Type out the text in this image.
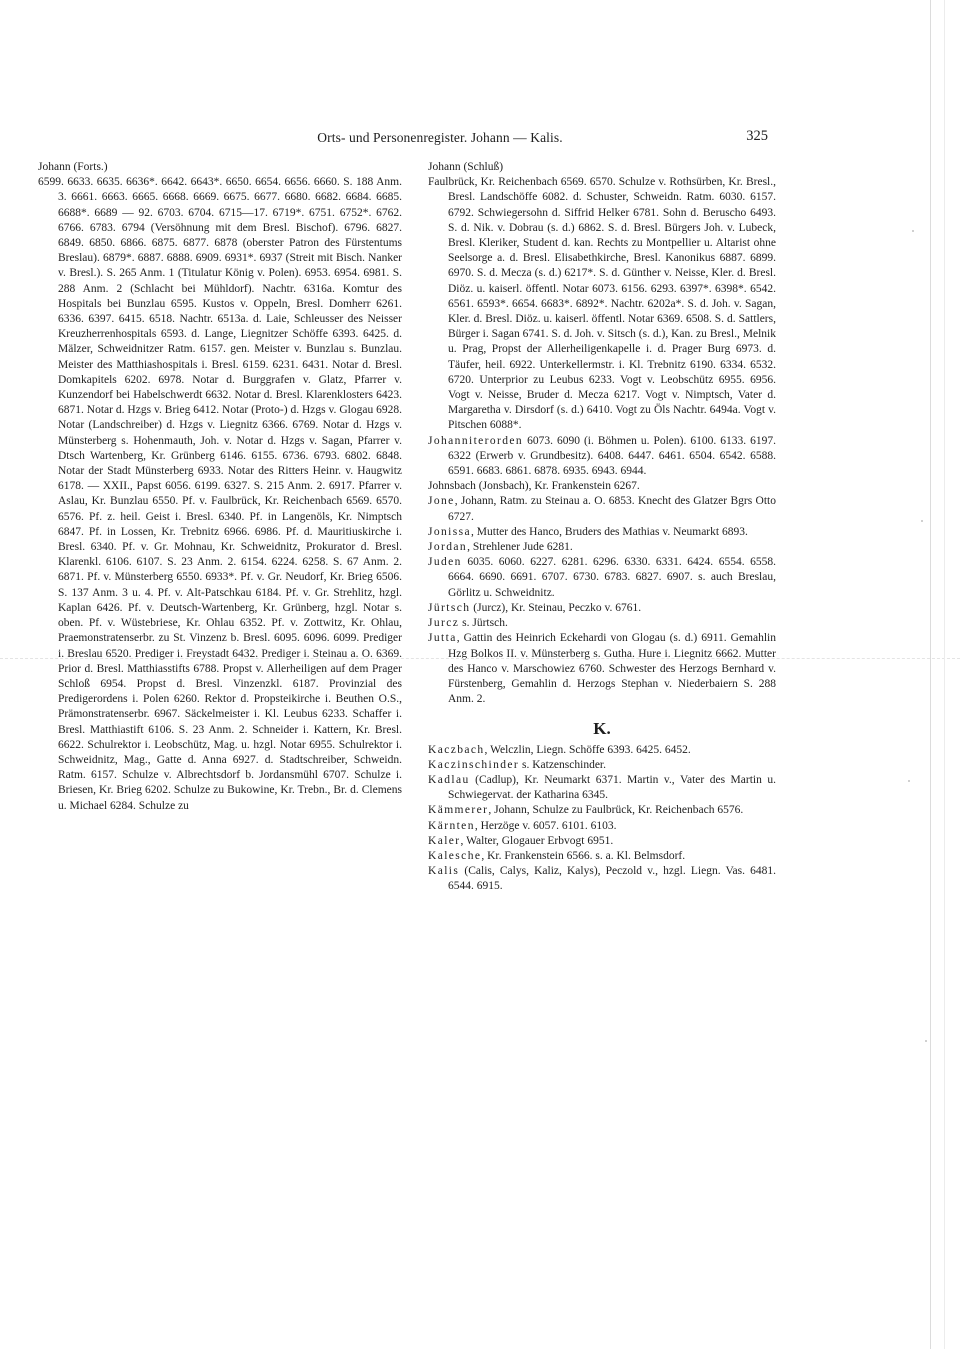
Orts- und Personenregister. Johann — Kalis.	325

Johann (Forts.)

6599. 6633. 6635. 6636*. 6642. 6643*. 6650. 6654. 6656. 6660. S. 188 Anm. 3. 6661. 6663. 6665. 6668. 6669. 6675. 6677. 6680. 6682. 6684. 6685. 6688*. 6689 — 92. 6703. 6704. 6715—17. 6719*. 6751. 6752*. 6762. 6766. 6783. 6794 (Versöhnung mit dem Bresl. Bischof). 6796. 6827. 6849. 6850. 6866. 6875. 6877. 6878 (oberster Patron des Fürstentums Breslau). 6879*. 6887. 6888. 6909. 6931*. 6937 (Streit mit Bisch. Nanker v. Bresl.). S. 265 Anm. 1 (Titulatur König v. Polen). 6953. 6954. 6981. S. 288 Anm. 2 (Schlacht bei Mühldorf). Nachtr. 6316a. Komtur des Hospitals bei Bunzlau 6595. Kustos v. Oppeln, Bresl. Domherr 6261. 6336. 6397. 6415. 6518. Nachtr. 6513a. d. Laie, Schleusser des Neisser Kreuzherrenhospitals 6593. d. Lange, Liegnitzer Schöffe 6393. 6425. d. Mälzer, Schweidnitzer Ratm. 6157. gen. Meister v. Bunzlau s. Bunzlau. Meister des Matthiashospitals i. Bresl. 6159. 6231. 6431. Notar d. Bresl. Domkapitels 6202. 6978. Notar d. Burggrafen v. Glatz, Pfarrer v. Kunzendorf bei Habelschwerdt 6632. Notar d. Bresl. Klarenklosters 6423. 6871. Notar d. Hzgs v. Brieg 6412. Notar (Proto-) d. Hzgs v. Glogau 6928. Notar (Landschreiber) d. Hzgs v. Liegnitz 6366. 6769. Notar d. Hzgs v. Münsterberg s. Hohenmauth, Joh. v. Notar d. Hzgs v. Sagan, Pfarrer v. Dtsch Wartenberg, Kr. Grünberg 6146. 6155. 6736. 6793. 6802. 6848. Notar der Stadt Münsterberg 6933. Notar des Ritters Heinr. v. Haugwitz 6178. — XXII., Papst 6056. 6199. 6327. S. 215 Anm. 2. 6917. Pfarrer v. Aslau, Kr. Bunzlau 6550. Pf. v. Faulbrück, Kr. Reichenbach 6569. 6570. 6576. Pf. z. heil. Geist i. Bresl. 6340. Pf. in Langenöls, Kr. Nimptsch 6847. Pf. in Lossen, Kr. Trebnitz 6966. 6986. Pf. d. Mauritiuskirche i. Bresl. 6340. Pf. v. Gr. Mohnau, Kr. Schweidnitz, Prokurator d. Bresl. Klarenkl. 6106. 6107. S. 23 Anm. 2. 6154. 6224. 6258. S. 67 Anm. 2. 6871. Pf. v. Münsterberg 6550. 6933*. Pf. v. Gr. Neudorf, Kr. Brieg 6506. S. 137 Anm. 3 u. 4. Pf. v. Alt-Patschkau 6184. Pf. v. Gr. Strehlitz, hzgl. Kaplan 6426. Pf. v. Deutsch-Wartenberg, Kr. Grünberg, hzgl. Notar s. oben. Pf. v. Wüstebriese, Kr. Ohlau 6352. Pf. v. Zottwitz, Kr. Ohlau, Praemonstratenserbr. zu St. Vinzenz b. Bresl. 6095. 6096. 6099. Prediger i. Breslau 6520. Prediger i. Freystadt 6432. Prediger i. Steinau a. O. 6369. Prior d. Bresl. Matthiasstifts 6788. Propst v. Allerheiligen auf dem Prager Schloß 6954. Propst d. Bresl. Vinzenzkl. 6187. Provinzial des Predigerordens i. Polen 6260. Rektor d. Propsteikirche i. Beuthen O.S., Prämonstratenserbr. 6967. Säckelmeister i. Kl. Leubus 6233. Schaffer i. Bresl. Matthiastift 6106. S. 23 Anm. 2. Schneider i. Kattern, Kr. Bresl. 6622. Schulrektor i. Leobschütz, Mag. u. hzgl. Notar 6955. Schulrektor i. Schweidnitz, Mag., Gatte d. Anna 6927. d. Stadtschreiber, Schweidn. Ratm. 6157. Schulze v. Albrechtsdorf b. Jordansmühl 6707. Schulze i. Briesen, Kr. Brieg 6202. Schulze zu Bukowine, Kr. Trebn., Br. d. Clemens u. Michael 6284. Schulze zu

Johann (Schluß)

Faulbrück, Kr. Reichenbach 6569. 6570. Schulze v. Rothsürben, Kr. Bresl., Bresl. Landschöffe 6082. d. Schuster, Schweidn. Ratm. 6030. 6157. 6792. Schwiegersohn d. Siffrid Helker 6781. Sohn d. Beruscho 6493. S. d. Nik. v. Dobrau (s. d.) 6862. S. d. Bresl. Bürgers Joh. v. Lubeck, Bresl. Kleriker, Student d. kan. Rechts zu Montpellier u. Altarist ohne Seelsorge a. d. Bresl. Elisabethkirche, Bresl. Kanonikus 6887. 6899. 6970. S. d. Mecza (s. d.) 6217*. S. d. Günther v. Neisse, Kler. d. Bresl. Diöz. u. kaiserl. öffentl. Notar 6073. 6156. 6293. 6397*. 6398*. 6542. 6561. 6593*. 6654. 6683*. 6892*. Nachtr. 6202a*. S. d. Joh. v. Sagan, Kler. d. Bresl. Diöz. u. kaiserl. öffentl. Notar 6369. 6508. S. d. Sattlers, Bürger i. Sagan 6741. S. d. Joh. v. Sitsch (s. d.), Kan. zu Bresl., Melnik u. Prag, Propst der Allerheiligenkapelle i. d. Prager Burg 6973. d. Täufer, heil. 6922. Unterkellermstr. i. Kl. Trebnitz 6190. 6334. 6532. 6720. Unterprior zu Leubus 6233. Vogt v. Leobschütz 6955. 6956. Vogt v. Neisse, Bruder d. Mecza 6217. Vogt v. Nimptsch, Vater d. Margaretha v. Dirsdorf (s. d.) 6410. Vogt zu Öls Nachtr. 6494a. Vogt v. Pitschen 6088*.

Johanniterorden 6073. 6090 (i. Böhmen u. Polen). 6100. 6133. 6197. 6322 (Erwerb v. Grundbesitz). 6408. 6447. 6461. 6504. 6542. 6588. 6591. 6683. 6861. 6878. 6935. 6943. 6944.

Johnsbach (Jonsbach), Kr. Frankenstein 6267.

Jone, Johann, Ratm. zu Steinau a. O. 6853. Knecht des Glatzer Bgrs Otto 6727.

Jonissa, Mutter des Hanco, Bruders des Mathias v. Neumarkt 6893.

Jordan, Strehlener Jude 6281.

Juden 6035. 6060. 6227. 6281. 6296. 6330. 6331. 6424. 6554. 6558. 6664. 6690. 6691. 6707. 6730. 6783. 6827. 6907. s. auch Breslau, Görlitz u. Schweidnitz.

Jürtsch (Jurcz), Kr. Steinau, Peczko v. 6761.

Jurcz s. Jürtsch.

Jutta, Gattin des Heinrich Eckehardi von Glogau (s. d.) 6911. Gemahlin Hzg Bolkos II. v. Münsterberg s. Gutha. Hure i. Liegnitz 6662. Mutter des Hanco v. Marschowiez 6760. Schwester des Herzogs Bernhard v. Fürstenberg, Gemahlin d. Herzogs Stephan v. Niederbaiern S. 288 Anm. 2.

K.

Kaczbach, Welczlin, Liegn. Schöffe 6393. 6425. 6452.

Kaczinschinder s. Katzenschinder.

Kadlau (Cadlup), Kr. Neumarkt 6371. Martin v., Vater des Martin u. Schwiegervat. der Katharina 6345.

Kämmerer, Johann, Schulze zu Faulbrück, Kr. Reichenbach 6576.

Kärnten, Herzöge v. 6057. 6101. 6103.

Kaler, Walter, Glogauer Erbvogt 6951.

Kalesche, Kr. Frankenstein 6566. s. a. Kl. Belmsdorf.

Kalis (Calis, Calys, Kaliz, Kalys), Peczold v., hzgl. Liegn. Vas. 6481. 6544. 6915.
